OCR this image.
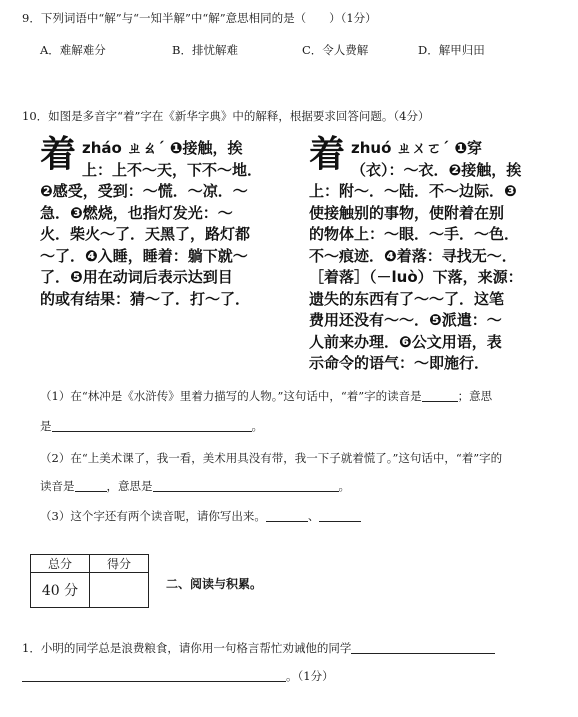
9．下列词语中“解”与“一知半解”中“解”意思相同的是（　　）（1分）
A．难解难分	B．排忧解难	C．令人费解	D．解甲归田
10．如图是多音字“着”字在《新华字典》中的解释，根据要求回答问题。（4分）
着 zháo ㄓㄠˊ ❶接触，挨
上：上不～天，下不～地．
❷感受，受到：～慌．～凉．～
急．❸燃烧，也指灯发光：～
火．柴火～了．天黑了，路灯都
～了．❹入睡，睡着：躺下就～
了．❺用在动词后表示达到目
的或有结果：猜～了．打～了．
着 zhuó ㄓㄨㄛˊ ❶穿
（衣）：～衣．❷接触，挨
上：附～．～陆．不～边际．❸
使接触别的事物，使附着在别
的物体上：～眼．～手．～色．
不～痕迹．❹着落：寻找无～．
［着落］（－luò）下落，来源：
遗失的东西有了～～了．这笔
费用还没有～～．❺派遣：～
人前来办理．❻公文用语，表
示命令的语气：～即施行．
（1）在“林冲是《水浒传》里着力描写的人物。”这句话中，“着”字的读音是	；意思
是	。
（2）在“上美术课了，我一看，美术用具没有带，我一下子就着慌了。”这句话中，“着”字的
读音是	，意思是	。
（3）这个字还有两个读音呢，请你写出来。	、
总分	得分
40 分		二、阅读与积累。
1．小明的同学总是浪费粮食，请你用一句格言帮忙劝诫他的同学
。（1分）
